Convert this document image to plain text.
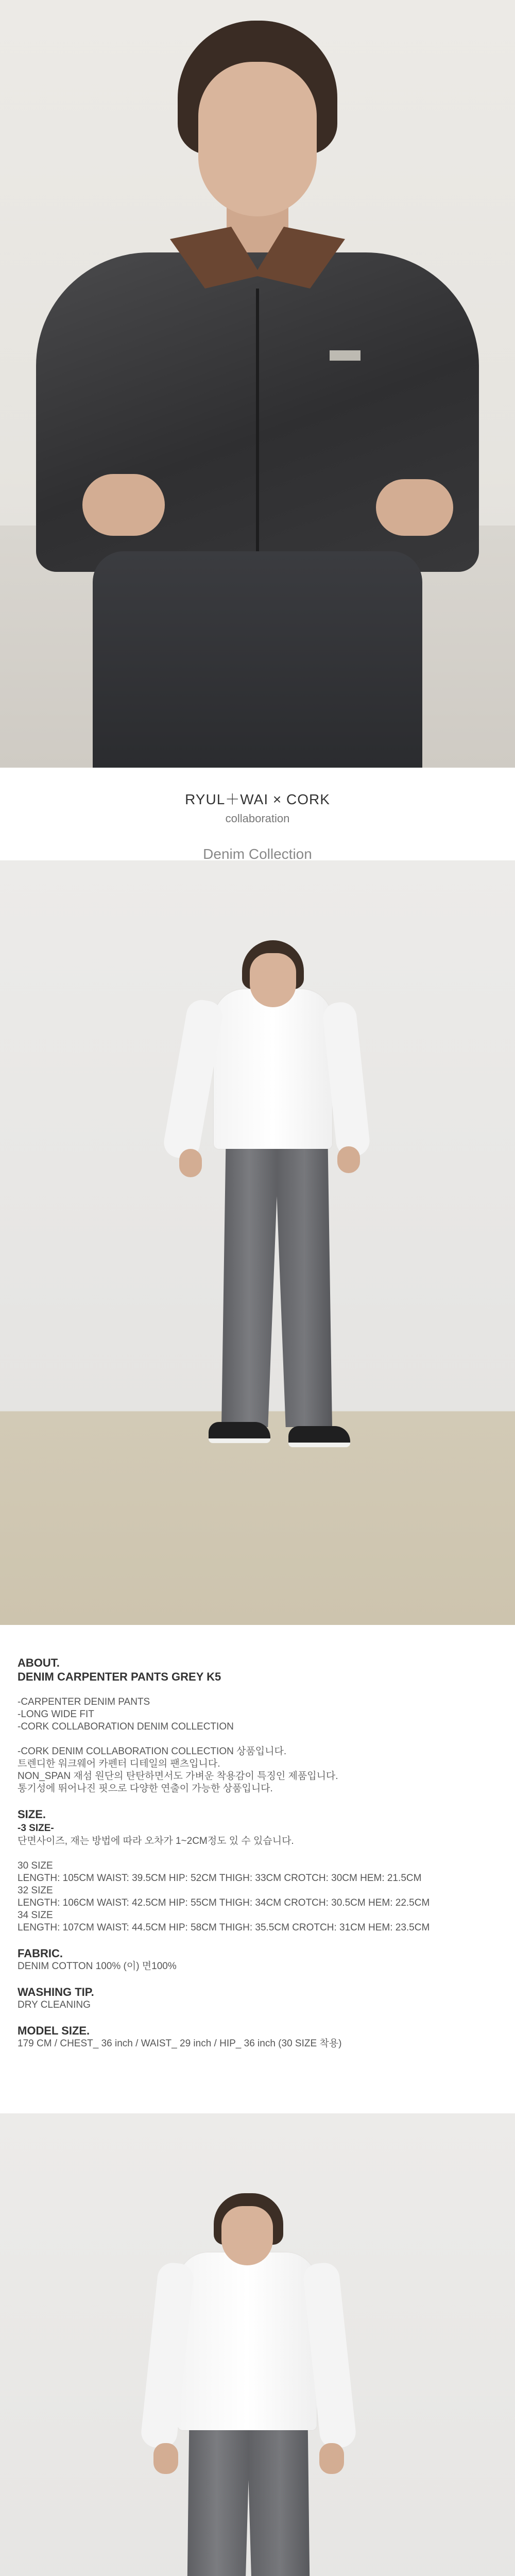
RYUL＋WAI × CORK
collaboration
Denim Collection

ABOUT.

DENIM CARPENTER PANTS GREY K5

-CARPENTER DENIM PANTS

-LONG WIDE FIT

-CORK COLLABORATION DENIM COLLECTION

-CORK DENIM COLLABORATION COLLECTION 상품입니다.

트렌디한 워크웨어 카펜터 디테일의 팬츠입니다.

NON_SPAN 재섬 원단의 탄탄하면서도 가벼운 착용감이 특징인 제품입니다.

통기성에 뛰어나진 핏으로 다양한 연출이 가능한 상품입니다.

SIZE.

-3 SIZE-

단면사이즈, 재는 방법에 따라 오차가 1~2CM정도 있 수 있습니다.

30 SIZE

LENGTH: 105CM WAIST: 39.5CM HIP: 52CM THIGH: 33CM CROTCH: 30CM HEM: 21.5CM

32 SIZE

LENGTH: 106CM WAIST: 42.5CM HIP: 55CM THIGH: 34CM CROTCH: 30.5CM HEM: 22.5CM

34 SIZE

LENGTH: 107CM WAIST: 44.5CM HIP: 58CM THIGH: 35.5CM CROTCH: 31CM HEM: 23.5CM

FABRIC.

DENIM COTTON 100% (이) 면100%

WASHING TIP.

DRY CLEANING

MODEL SIZE.

179 CM / CHEST_ 36 inch / WAIST_ 29 inch / HIP_ 36 inch (30 SIZE 착용)
